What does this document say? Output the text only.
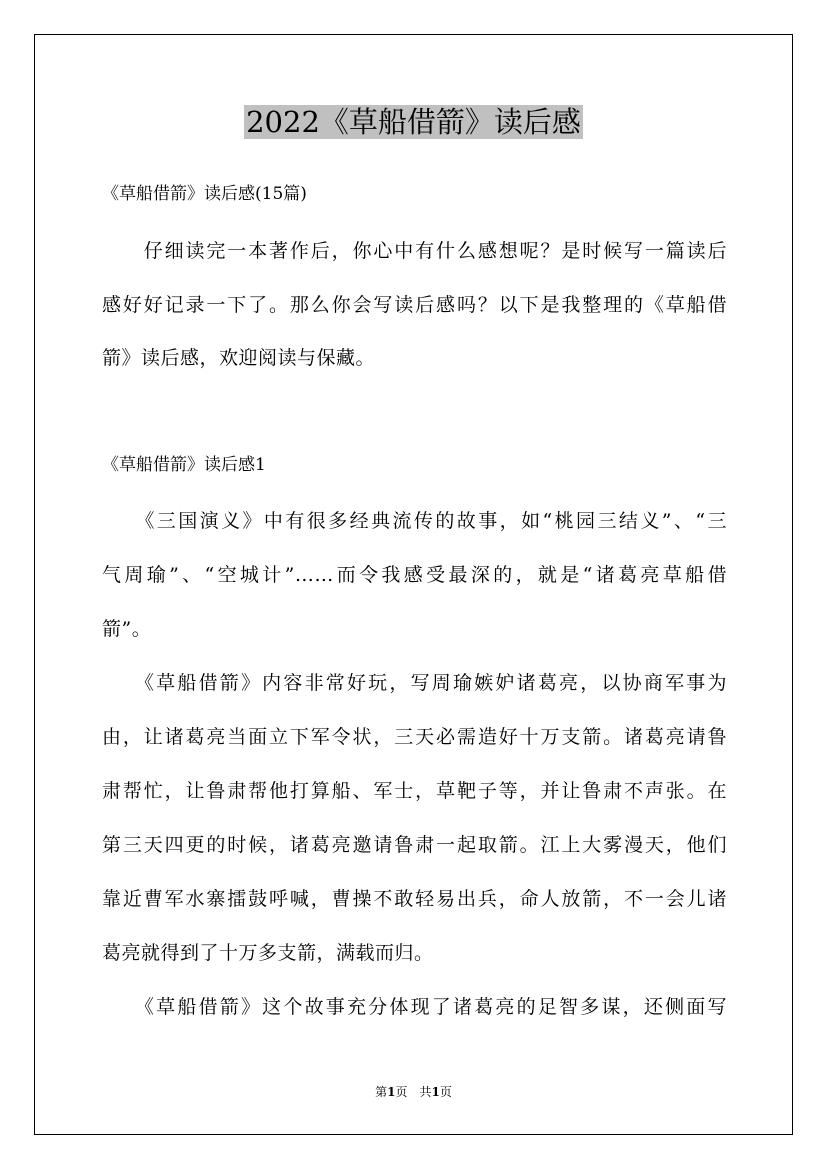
2022《草船借箭》读后感
《草船借箭》读后感(15篇)
　　仔细读完一本著作后，你心中有什么感想呢？是时候写一篇读后
感好好记录一下了。那么你会写读后感吗？以下是我整理的《草船借
箭》读后感，欢迎阅读与保藏。
《草船借箭》读后感1
　　《三国演义》中有很多经典流传的故事，如“桃园三结义”、“三
气周瑜”、“空城计”……而令我感受最深的，就是“诸葛亮草船借
箭”。
　　《草船借箭》内容非常好玩，写周瑜嫉妒诸葛亮，以协商军事为
由，让诸葛亮当面立下军令状，三天必需造好十万支箭。诸葛亮请鲁
肃帮忙，让鲁肃帮他打算船、军士，草靶子等，并让鲁肃不声张。在
第三天四更的时候，诸葛亮邀请鲁肃一起取箭。江上大雾漫天，他们
靠近曹军水寨擂鼓呼喊，曹操不敢轻易出兵，命人放箭，不一会儿诸
葛亮就得到了十万多支箭，满载而归。
　　《草船借箭》这个故事充分体现了诸葛亮的足智多谋，还侧面写
第1页　共1页
